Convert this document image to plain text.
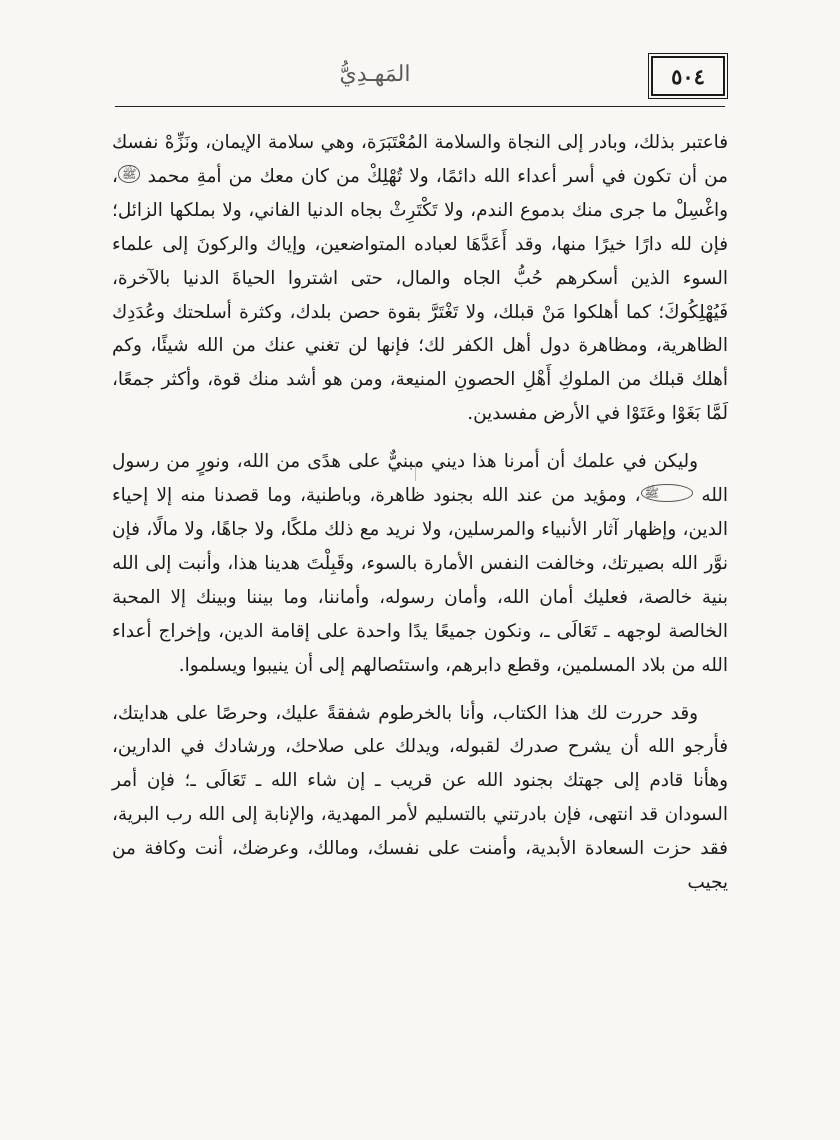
٥٠٤
المَهـدِيُّ

فاعتبر بذلك، وبادر إلى النجاة والسلامة المُعْتَبَرَة، وهي سلامة الإيمان، ونَزِّهْ نفسك من أن تكون في أسر أعداء الله دائمًا، ولا تُهْلِكْ من كان معك من أمةِ محمد ﷺ، واغْسِلْ ما جرى منك بدموع الندم، ولا تَكْتَرِثْ بجاه الدنيا الفاني، ولا بملكها الزائل؛ فإن لله دارًا خيرًا منها، وقد أَعَدَّهَا لعباده المتواضعين، وإياك والركونَ إلى علماء السوء الذين أسكرهم حُبُّ الجاه والمال، حتى اشتروا الحياةَ الدنيا بالآخرة، فَيُهْلِكُوكَ؛ كما أهلكوا مَنْ قبلك، ولا تَغْتَرَّ بقوة حصن بلدك، وكثرة أسلحتك وعُدَدِك الظاهرية، ومظاهرة دول أهل الكفر لك؛ فإنها لن تغني عنك من الله شيئًا، وكم أهلك قبلك من الملوكِ أَهْلِ الحصونِ المنيعة، ومن هو أشد منك قوة، وأكثر جمعًا، لَمَّا بَغَوْا وعَتَوْا في الأرض مفسدين.

وليكن في علمك أن أمرنا هذا ديني مبنيٌّ على هدًى من الله، ونورٍ من رسول الله ﷺ، ومؤيد من عند الله بجنود ظاهرة، وباطنية، وما قصدنا منه إلا إحياء الدين، وإظهار آثار الأنبياء والمرسلين، ولا نريد مع ذلك ملكًا، ولا جاهًا، ولا مالًا، فإن نوَّر الله بصيرتك، وخالفت النفس الأمارة بالسوء، وقَبِلْتَ هدينا هذا، وأنبت إلى الله بنية خالصة، فعليك أمان الله، وأمان رسوله، وأماننا، وما بيننا وبينك إلا المحبة الخالصة لوجهه ـ تَعَالَى ـ، ونكون جميعًا يدًا واحدة على إقامة الدين، وإخراج أعداء الله من بلاد المسلمين، وقطع دابرهم، واستئصالهم إلى أن ينيبوا ويسلموا.

وقد حررت لك هذا الكتاب، وأنا بالخرطوم شفقةً عليك، وحرصًا على هدايتك، فأرجو الله أن يشرح صدرك لقبوله، ويدلك على صلاحك، ورشادك في الدارين، وهأنا قادم إلى جهتك بجنود الله عن قريب ـ إن شاء الله ـ تَعَالَى ـ؛ فإن أمر السودان قد انتهى، فإن بادرتني بالتسليم لأمر المهدية، والإنابة إلى الله رب البرية، فقد حزت السعادة الأبدية، وأمنت على نفسك، ومالك، وعرضك، أنت وكافة من يجيب
